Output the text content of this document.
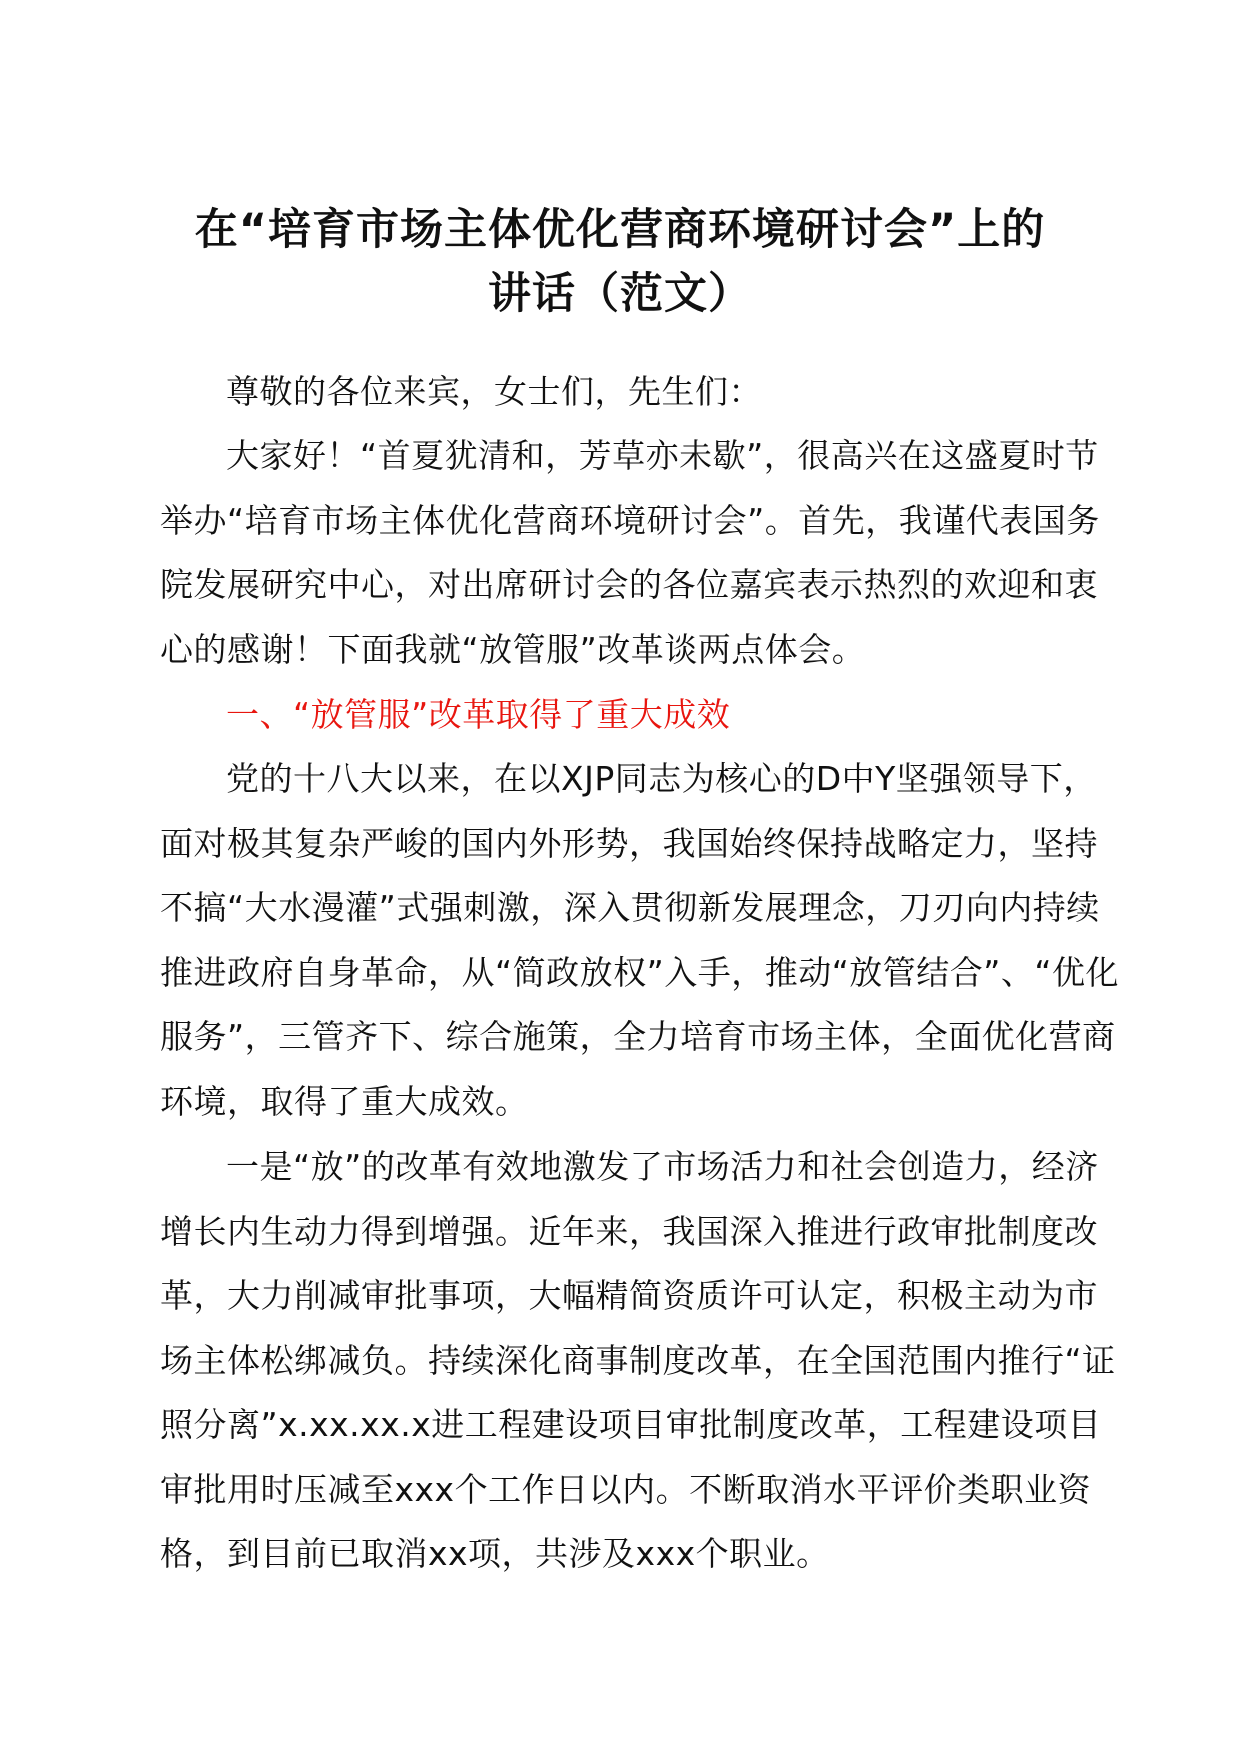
在“培育市场主体优化营商环境研讨会”上的
讲话（范文）
尊敬的各位来宾，女士们，先生们：
大家好！“首夏犹清和，芳草亦未歇”，很高兴在这盛夏时节举办“培育市场主体优化营商环境研讨会”。首先，我谨代表国务院发展研究中心，对出席研讨会的各位嘉宾表示热烈的欢迎和衷心的感谢！下面我就“放管服”改革谈两点体会。
一、“放管服”改革取得了重大成效
党的十八大以来，在以XJP同志为核心的D中Y坚强领导下，面对极其复杂严峻的国内外形势，我国始终保持战略定力，坚持不搞“大水漫灌”式强刺激，深入贯彻新发展理念，刀刃向内持续推进政府自身革命，从“简政放权”入手，推动“放管结合”、“优化服务”，三管齐下、综合施策，全力培育市场主体，全面优化营商环境，取得了重大成效。
一是“放”的改革有效地激发了市场活力和社会创造力，经济增长内生动力得到增强。近年来，我国深入推进行政审批制度改革，大力削减审批事项，大幅精简资质许可认定，积极主动为市场主体松绑减负。持续深化商事制度改革，在全国范围内推行“证照分离”x.xx.xx.x进工程建设项目审批制度改革，工程建设项目审批用时压减至xxx个工作日以内。不断取消水平评价类职业资格，到目前已取消xx项，共涉及xxx个职业。
